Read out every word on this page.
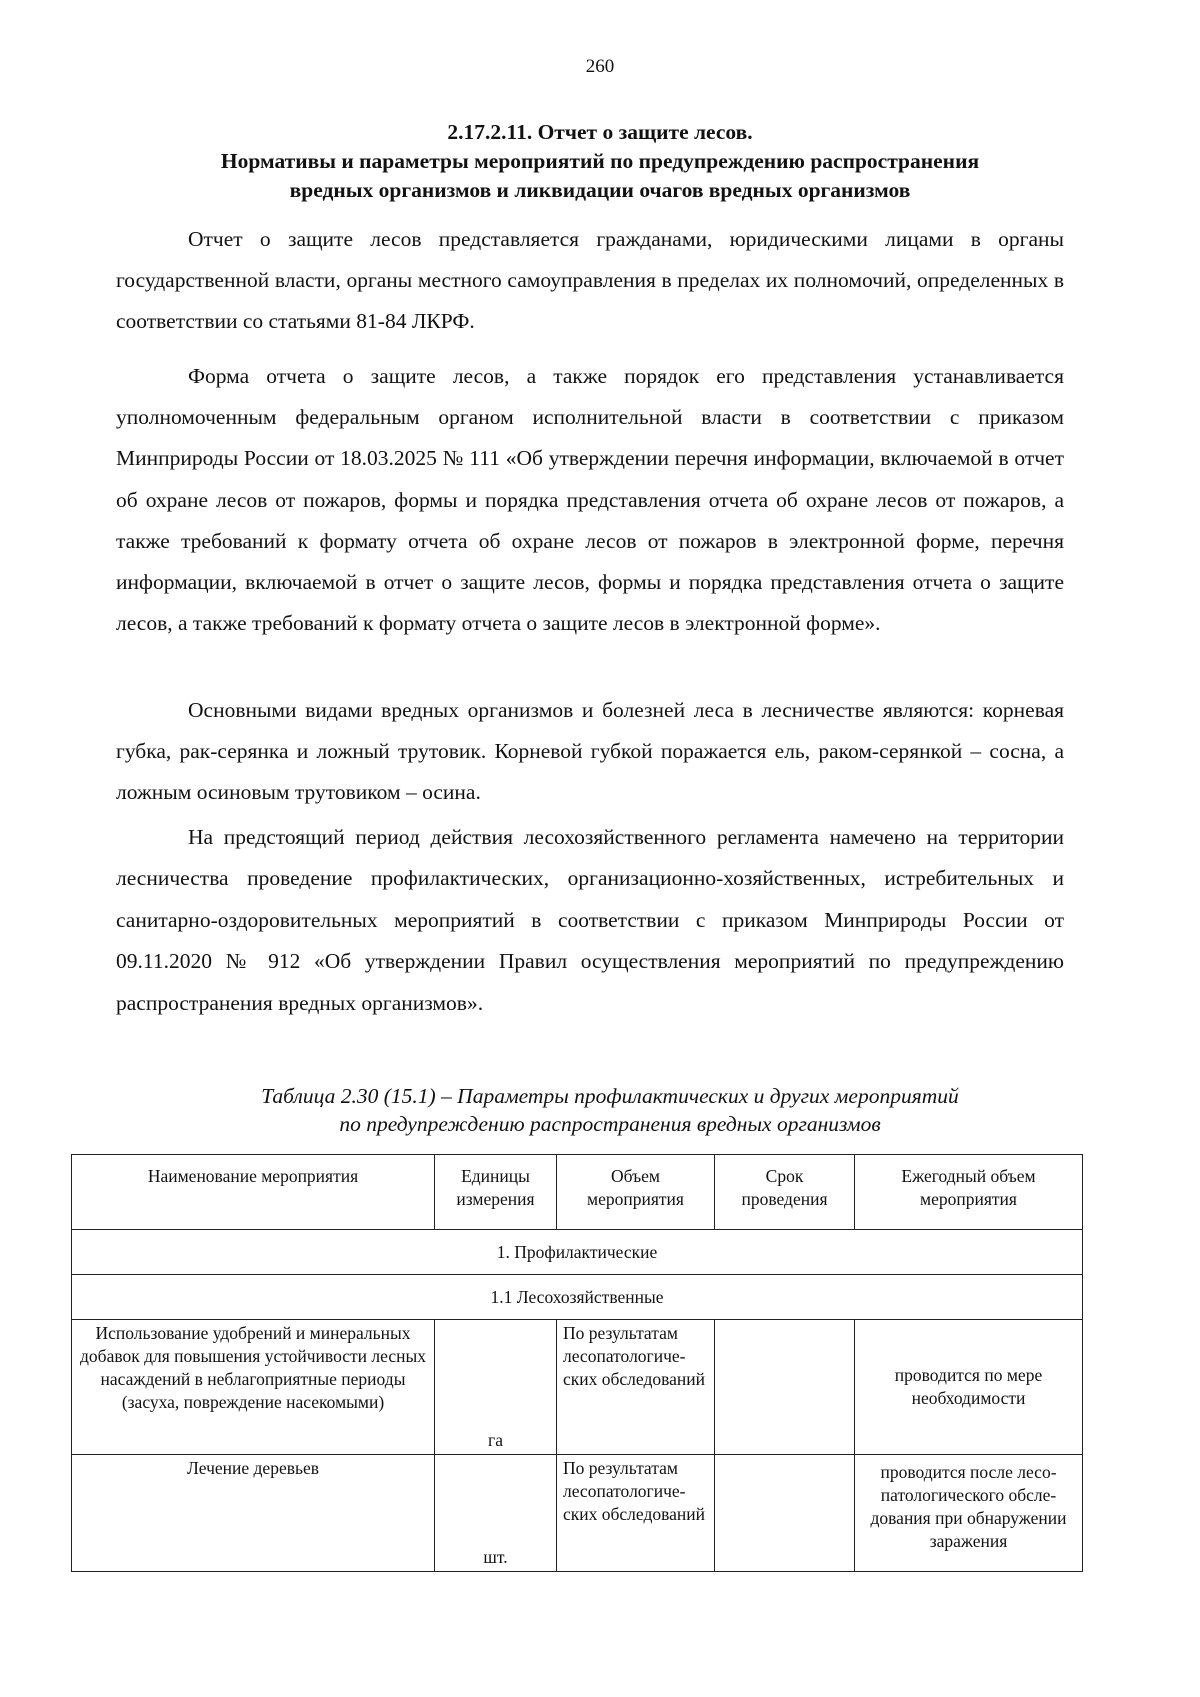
260
2.17.2.11. Отчет о защите лесов.
Нормативы и параметры мероприятий по предупреждению распространения
вредных организмов и ликвидации очагов вредных организмов

Отчет о защите лесов представляется гражданами, юридическими лицами в органы государственной власти, органы местного самоуправления в пределах их полномочий, определенных в соответствии со статьями 81-84 ЛКРФ.

Форма отчета о защите лесов, а также порядок его представления устанавливается уполномоченным федеральным органом исполнительной власти в соответствии с приказом Минприроды России от 18.03.2025 № 111 «Об утверждении перечня информации, включаемой в отчет об охране лесов от пожаров, формы и порядка представления отчета об охране лесов от пожаров, а также требований к формату отчета об охране лесов от пожаров в электронной форме, перечня информации, включаемой в отчет о защите лесов, формы и порядка представления отчета о защите лесов, а также требований к формату отчета о защите лесов в электронной форме».

Основными видами вредных организмов и болезней леса в лесничестве являются: корневая губка, рак-серянка и ложный трутовик. Корневой губкой поражается ель, раком-серянкой – сосна, а ложным осиновым трутовиком – осина.

На предстоящий период действия лесохозяйственного регламента намечено на территории лесничества проведение профилактических, организационно-хозяйственных, истребительных и санитарно-оздоровительных мероприятий в соответствии с приказом Минприроды России от 09.11.2020 № 912 «Об утверждении Правил осуществления мероприятий по предупреждению распространения вредных организмов».

Таблица 2.30 (15.1) – Параметры профилактических и других мероприятий
по предупреждению распространения вредных организмов
Наименование мероприятия	Единицы измерения	Объем мероприятия	Срок проведения	Ежегодный объем мероприятия
1. Профилактические				
1.1 Лесохозяйственные				
Использование удобрений и минеральных добавок для повышения устойчивости лесных насаждений в неблагоприятные периоды (засуха, повреждение насекомыми)	га	По результатам лесопатологических обследований		проводится по мере необходимости
Лечение деревьев	шт.	По результатам лесопатологических обследований		проводится после лесопатологического обследования при обнаружении заражения
